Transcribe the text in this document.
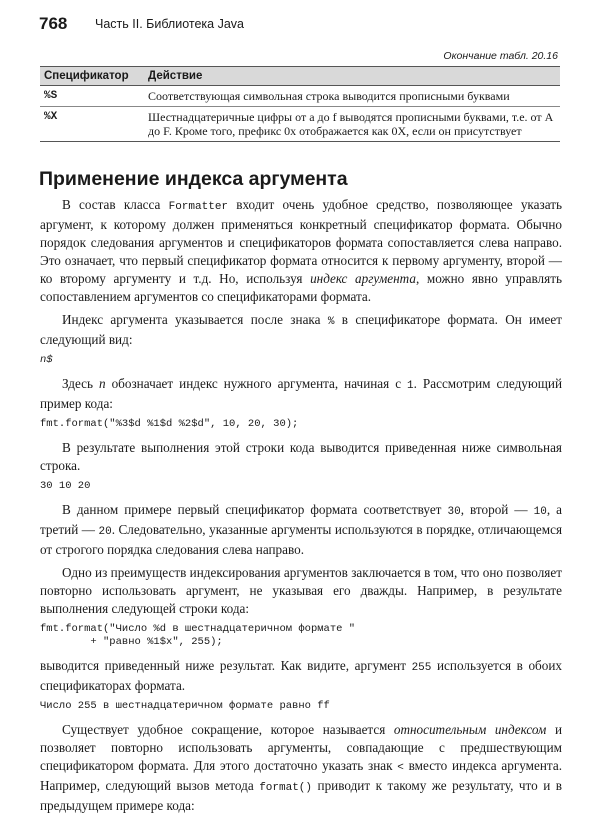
768 Часть II. Библиотека Java
Окончание табл. 20.16
Спецификатор	Действие
%S	Соответствующая символьная строка выводится прописными буквами
%X	Шестнадцатеричные цифры от a до f выводятся прописными буквами, т.е. от A до F. Кроме того, префикс 0x отображается как 0X, если он присутствует
Применение индекса аргумента

В состав класса Formatter входит очень удобное средство, позволяющее указать аргумент, к которому должен применяться конкретный спецификатор формата. Обычно порядок следования аргументов и спецификаторов формата сопоставляется слева направо. Это означает, что первый спецификатор формата относится к первому аргументу, второй — ко второму аргументу и т.д. Но, используя индекс аргумента, можно явно управлять сопоставлением аргументов со спецификаторами формата.

Индекс аргумента указывается после знака % в спецификаторе формата. Он имеет следующий вид:

n$

Здесь n обозначает индекс нужного аргумента, начиная с 1. Рассмотрим следующий пример кода:

fmt.format("%3$d %1$d %2$d", 10, 20, 30);

В результате выполнения этой строки кода выводится приведенная ниже символьная строка.

30 10 20

В данном примере первый спецификатор формата соответствует 30, второй — 10, а третий — 20. Следовательно, указанные аргументы используются в порядке, отличающемся от строгого порядка следования слева направо.

Одно из преимуществ индексирования аргументов заключается в том, что оно позволяет повторно использовать аргумент, не указывая его дважды. Например, в результате выполнения следующей строки кода:

fmt.format("Число %d в шестнадцатеричном формате "
+ "равно %1$x", 255);

выводится приведенный ниже результат. Как видите, аргумент 255 используется в обоих спецификаторах формата.

Число 255 в шестнадцатеричном формате равно ff

Существует удобное сокращение, которое называется относительным индексом и позволяет повторно использовать аргументы, совпадающие с предшествующим спецификатором формата. Для этого достаточно указать знак < вместо индекса аргумента. Например, следующий вызов метода format() приводит к такому же результату, что и в предыдущем примере кода:
